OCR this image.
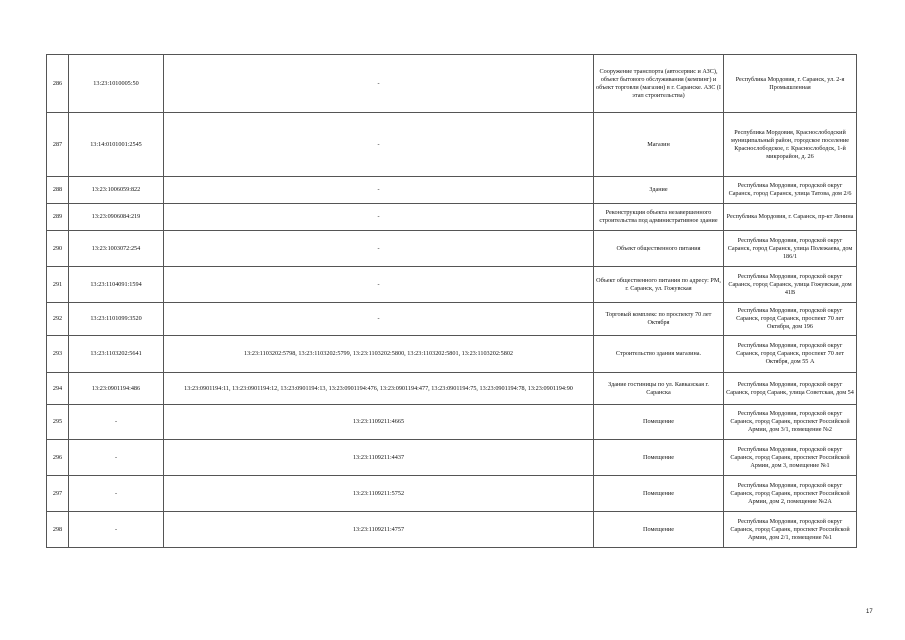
286	13:23:1010005:50	-	Сооружение транспорта (автосервис и АЗС), объект бытового обслуживания (кемпинг) и объект торговли (магазин) в г. Саранске. АЗС (I этап строительства)	Республика Мордовия, г. Саранск, ул. 2-я Промышленная
287	13:14:0101001:2545	-	Магазин	Республика Мордовия, Краснослободский муниципальный район, городское поселение Краснослободское, г. Краснослободск, 1-й микрорайон, д. 26
288	13:23:1006059:822	-	Здание	Республика Мордовия, городской округ Саранск, город Саранск, улица Татова, дом 2/6
289	13:23:0906084:219	-	Реконструкция объекта незавершенного строительства под административное здание	Республика Мордовия, г. Саранск, пр-кт Ленина
290	13:23:1003072:254	-	Объект общественного питания	Республика Мордовия, городской округ Саранск, город Саранск, улица Полежаева, дом 186/1
291	13:23:1104091:1594	-	Объект общественного питания по адресу: РМ, г. Саранск, ул. Гожувская	Республика Мордовия, городской округ Саранск, город Саранск, улица Гожувская, дом 41В
292	13:23:1101099:3520	-	Торговый комплекс по проспекту 70 лет Октября	Республика Мордовия, городской округ Саранск, город Саранск, проспект 70 лет Октября, дом 196
293	13:23:1103202:5641	13:23:1103202:5798, 13:23:1103202:5799, 13:23:1103202:5800, 13:23:1103202:5801, 13:23:1103202:5802	Строительство здания магазина.	Республика Мордовия, городской округ Саранск, город Саранск, проспект 70 лет Октября, дом 55 А
294	13:23:0901194:486	13:23:0901194:11, 13:23:0901194:12, 13:23:0901194:13, 13:23:0901194:476, 13:23:0901194:477, 13:23:0901194:75, 13:23:0901194:78, 13:23:0901194:90	Здание гостиницы по ул. Кавказская г. Саранска	Республика Мордовия, городской округ Саранск, город Саранк, улица Советская, дом 54
295	-	13:23:1109211:4665	Помещение	Республика Мордовия, городской округ Саранск, город Саранк, проспект Российской Армии, дом 3/1, помещение №2
296	-	13:23:1109211:4437	Помещение	Республика Мордовия, городской округ Саранск, город Саранк, проспект Российской Армии, дом 3, помещение №1
297	-	13:23:1109211:5752	Помещение	Республика Мордовия, городской округ Саранск, город Саранк, проспект Российской Армии, дом 2, помещение №2А
298	-	13:23:1109211:4757	Помещение	Республика Мордовия, городской округ Саранск, город Саранк, проспект Российской Армии, дом 2/1, помещение №1
17
